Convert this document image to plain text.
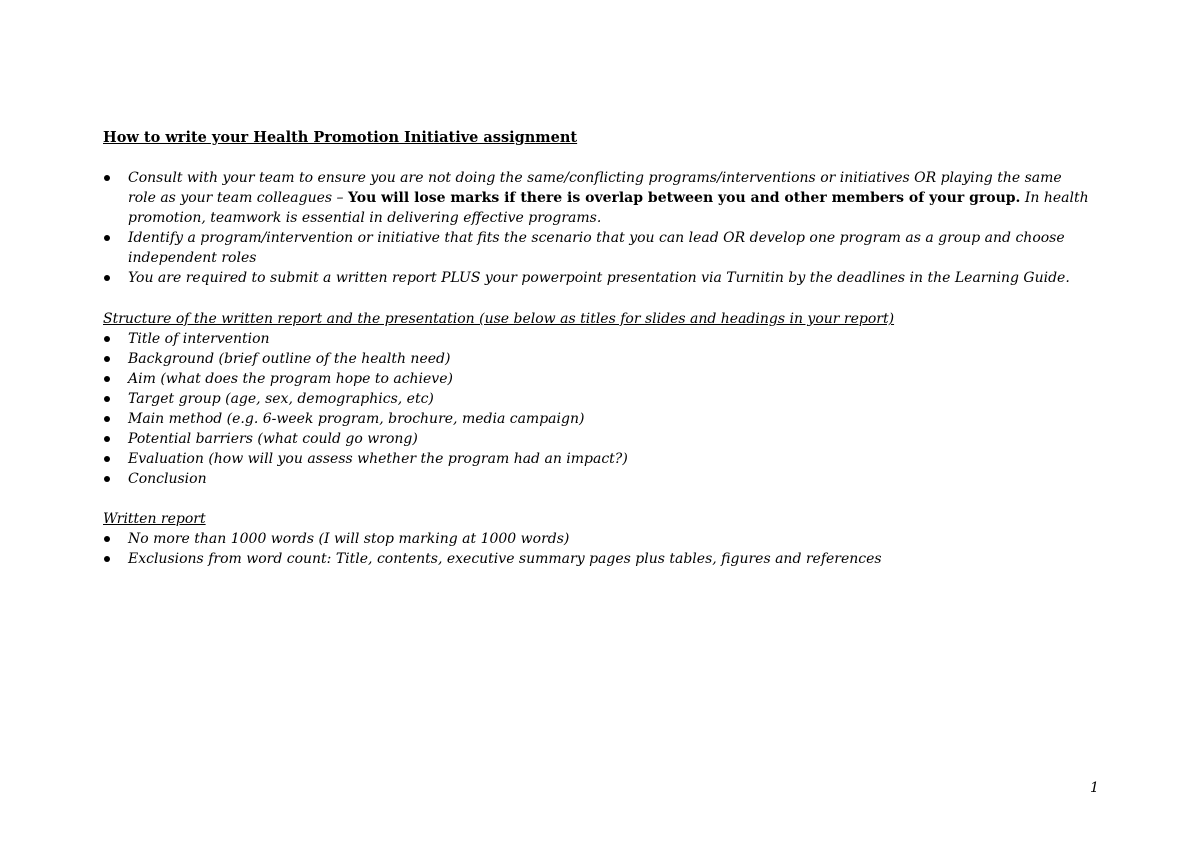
How to write your Health Promotion Initiative assignment
Consult with your team to ensure you are not doing the same/conflicting programs/interventions or initiatives OR playing the same role as your team colleagues – You will lose marks if there is overlap between you and other members of your group. In health promotion, teamwork is essential in delivering effective programs.
Identify a program/intervention or initiative that fits the scenario that you can lead OR develop one program as a group and choose independent roles
You are required to submit a written report PLUS your powerpoint presentation via Turnitin by the deadlines in the Learning Guide.
Structure of the written report and the presentation (use below as titles for slides and headings in your report)
Title of intervention
Background (brief outline of the health need)
Aim (what does the program hope to achieve)
Target group (age, sex, demographics, etc)
Main method (e.g. 6-week program, brochure, media campaign)
Potential barriers (what could go wrong)
Evaluation (how will you assess whether the program had an impact?)
Conclusion
Written report
No more than 1000 words (I will stop marking at 1000 words)
Exclusions from word count: Title, contents, executive summary pages plus tables, figures and references
1
